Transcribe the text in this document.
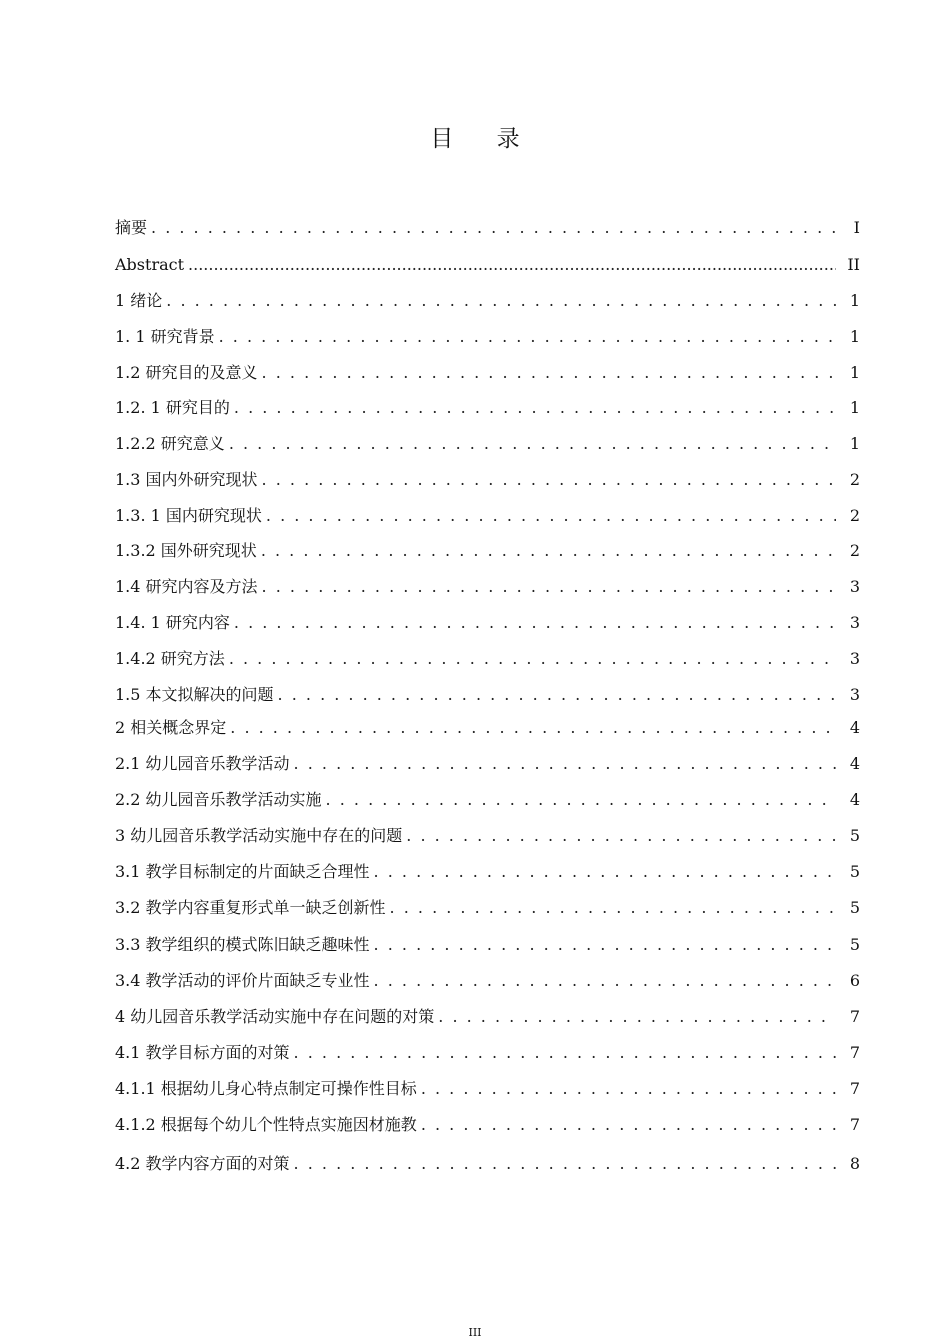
目 录
摘要 . . .	I
Abstract .....	II
1 绪论 . . .	1
1. 1 研究背景 . . .	1
1.2 研究目的及意义 . . .	1
1.2. 1 研究目的 . . .	1
1.2.2 研究意义 . . .	1
1.3 国内外研究现状 . . .	2
1.3. 1 国内研究现状 . . .	2
1.3.2 国外研究现状 . . .	2
1.4 研究内容及方法 . . .	3
1.4. 1 研究内容 . . .	3
1.4.2 研究方法 . . .	3
1.5 本文拟解决的问题 . . .	3
2 相关概念界定 . . .	4
2.1 幼儿园音乐教学活动 . . .	4
2.2 幼儿园音乐教学活动实施 . . .	4
3 幼儿园音乐教学活动实施中存在的问题 . . .	5
3.1 教学目标制定的片面缺乏合理性 . . .	5
3.2 教学内容重复形式单一缺乏创新性 . . .	5
3.3 教学组织的模式陈旧缺乏趣味性 . . .	5
3.4 教学活动的评价片面缺乏专业性 . . .	6
4 幼儿园音乐教学活动实施中存在问题的对策 . . .	7
4.1 教学目标方面的对策 . . .	7
4.1.1 根据幼儿身心特点制定可操作性目标 . . .	7
4.1.2 根据每个幼儿个性特点实施因材施教 . . .	7
4.2 教学内容方面的对策 . . .	8
III
